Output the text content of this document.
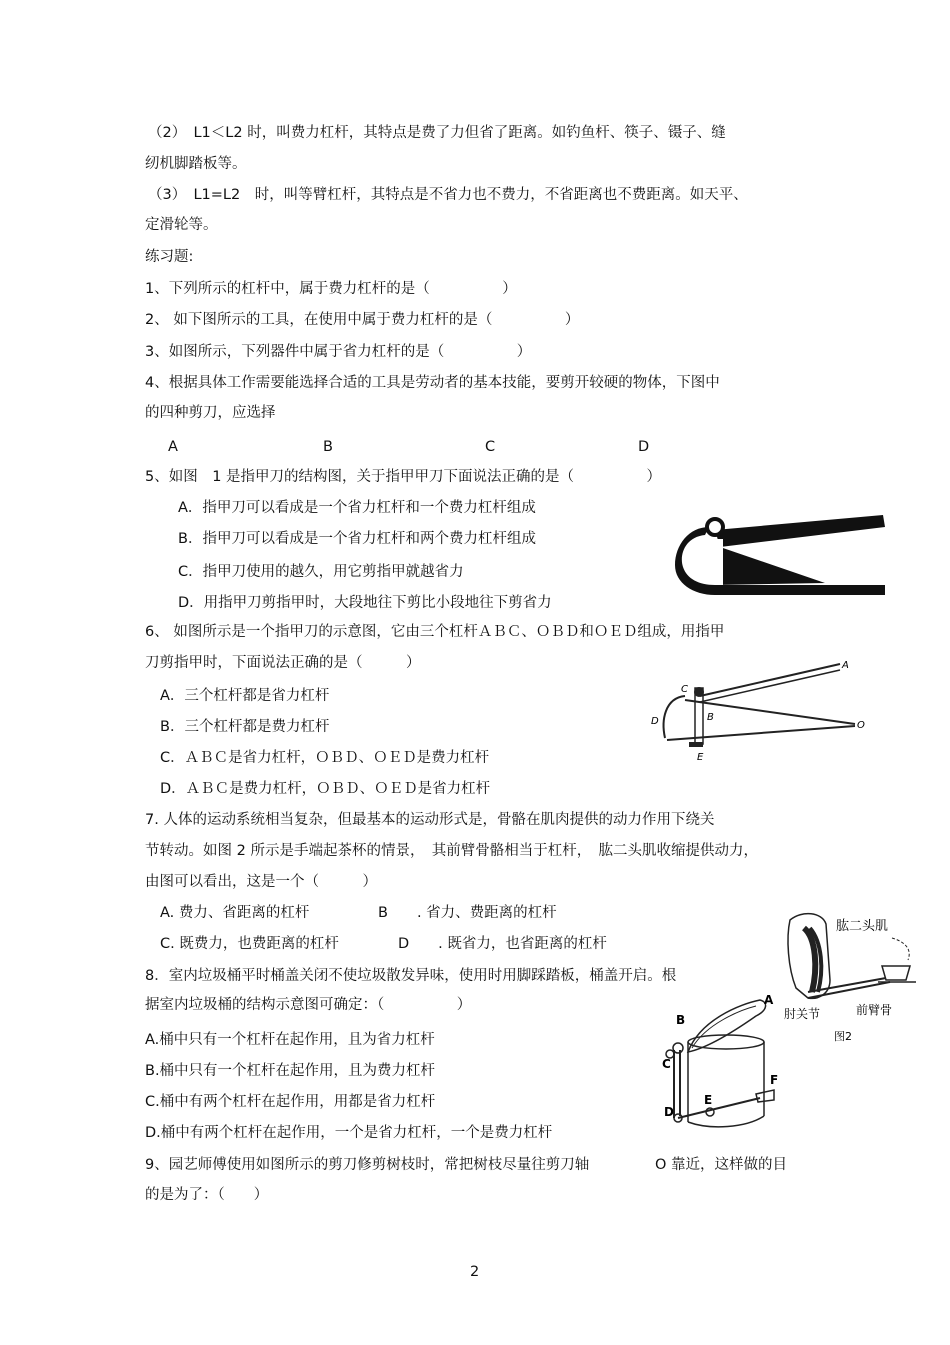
（2）　L1＜L2 时，叫费力杠杆，其特点是费了力但省了距离。如钓鱼杆、筷子、镊子、缝
纫机脚踏板等。
（3）　L1=L2　时，叫等臂杠杆，其特点是不省力也不费力，不省距离也不费距离。如天平、
定滑轮等。
练习题:
1、下列所示的杠杆中，属于费力杠杆的是（　　　　　）
2、 如下图所示的工具，在使用中属于费力杠杆的是（　　　　　）
3、如图所示，下列器件中属于省力杠杆的是（　　　　　）
4、根据具体工作需要能选择合适的工具是劳动者的基本技能，要剪开较硬的物体，下图中
的四种剪刀，应选择
A	B	C	D
5、如图　1 是指甲刀的结构图，关于指甲甲刀下面说法正确的是（　　　　　）
A．指甲刀可以看成是一个省力杠杆和一个费力杠杆组成
B．指甲刀可以看成是一个省力杠杆和两个费力杠杆组成
C．指甲刀使用的越久，用它剪指甲就越省力
D．用指甲刀剪指甲时，大段地往下剪比小段地往下剪省力
6、 如图所示是一个指甲刀的示意图，它由三个杠杆ＡＢＣ、ＯＢＤ和ＯＥＤ组成，用指甲
刀剪指甲时，下面说法正确的是（　　　）
A．三个杠杆都是省力杠杆
B．三个杠杆都是费力杠杆
C．ＡＢＣ是省力杠杆，ＯＢＤ、ＯＥＤ是费力杠杆
D．ＡＢＣ是费力杠杆，ＯＢＤ、ＯＥＤ是省力杠杆
7. 人体的运动系统相当复杂，但最基本的运动形式是，骨骼在肌肉提供的动力作用下绕关
节转动。如图 2 所示是手端起茶杯的情景，　其前臂骨骼相当于杠杆，　肱二头肌收缩提供动力，
由图可以看出，这是一个（　　　）
A. 费力、省距离的杠杆	B　　. 省力、费距离的杠杆
C. 既费力，也费距离的杠杆	D　　. 既省力，也省距离的杠杆
8．室内垃圾桶平时桶盖关闭不使垃圾散发异味，使用时用脚踩踏板，桶盖开启。根
据室内垃圾桶的结构示意图可确定：（　　　　　）
A.桶中只有一个杠杆在起作用，且为省力杠杆
B.桶中只有一个杠杆在起作用，且为费力杠杆
C.桶中有两个杠杆在起作用，用都是省力杠杆
D.桶中有两个杠杆在起作用，一个是省力杠杆，一个是费力杠杆
9、园艺师傅使用如图所示的剪刀修剪树枝时，常把树枝尽量往剪刀轴	O 靠近，这样做的目
的是为了：（　　）
2
C
A
B
D	O
E
肱二头肌
肘关节	前臂骨
图2
A
B
C
F
E
D
